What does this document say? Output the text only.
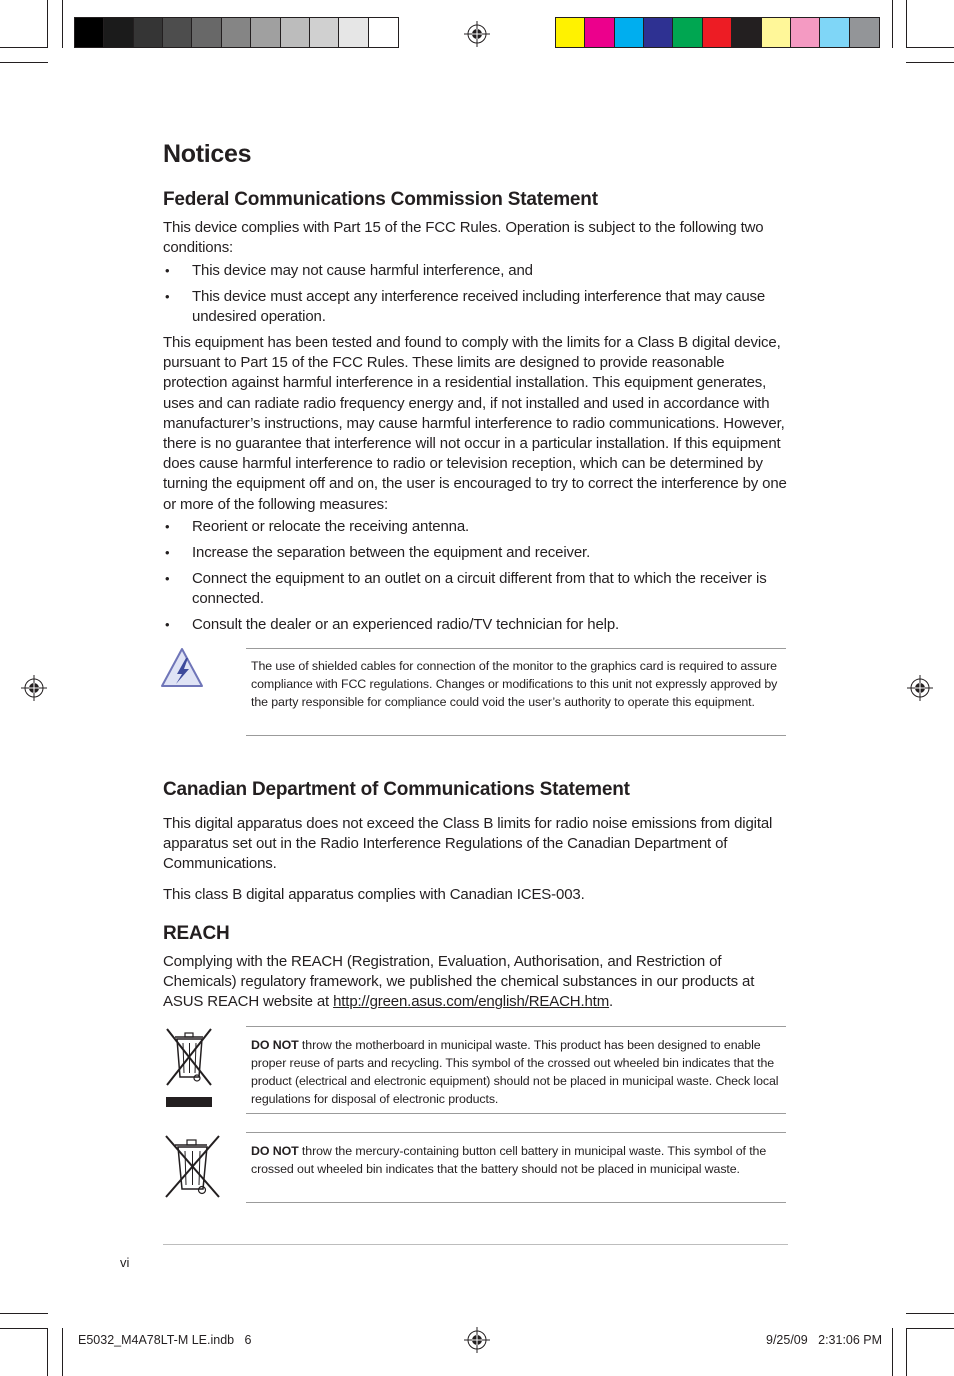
Notices
Federal Communications Commission Statement

This device complies with Part 15 of the FCC Rules. Operation is subject to the following two conditions:

• This device may not cause harmful interference, and
• This device must accept any interference received including interference that may cause undesired operation.

This equipment has been tested and found to comply with the limits for a Class B digital device, pursuant to Part 15 of the FCC Rules. These limits are designed to provide reasonable protection against harmful interference in a residential installation. This equipment generates, uses and can radiate radio frequency energy and, if not installed and used in accordance with manufacturer’s instructions, may cause harmful interference to radio communications. However, there is no guarantee that interference will not occur in a particular installation. If this equipment does cause harmful interference to radio or television reception, which can be determined by turning the equipment off and on, the user is encouraged to try to correct the interference by one or more of the following measures:

• Reorient or relocate the receiving antenna.
• Increase the separation between the equipment and receiver.
• Connect the equipment to an outlet on a circuit different from that to which the receiver is connected.
• Consult the dealer or an experienced radio/TV technician for help.
The use of shielded cables for connection of the monitor to the graphics card is required to assure compliance with FCC regulations. Changes or modifications to this unit not expressly approved by the party responsible for compliance could void the user’s authority to operate this equipment.
Canadian Department of Communications Statement

This digital apparatus does not exceed the Class B limits for radio noise emissions from digital apparatus set out in the Radio Interference Regulations of the Canadian Department of Communications.

This class B digital apparatus complies with Canadian ICES-003.

REACH

Complying with the REACH (Registration, Evaluation, Authorisation, and Restriction of Chemicals) regulatory framework, we published the chemical substances in our products at ASUS REACH website at http://green.asus.com/english/REACH.htm.

DO NOT throw the motherboard in municipal waste. This product has been designed to enable proper reuse of parts and recycling. This symbol of the crossed out wheeled bin indicates that the product (electrical and electronic equipment) should not be placed in municipal waste. Check local regulations for disposal of electronic products.
DO NOT throw the mercury-containing button cell battery in municipal waste. This symbol of the crossed out wheeled bin indicates that the battery should not be placed in municipal waste.
vi
E5032_M4A78LT-M LE.indb   6	9/25/09   2:31:06 PM
